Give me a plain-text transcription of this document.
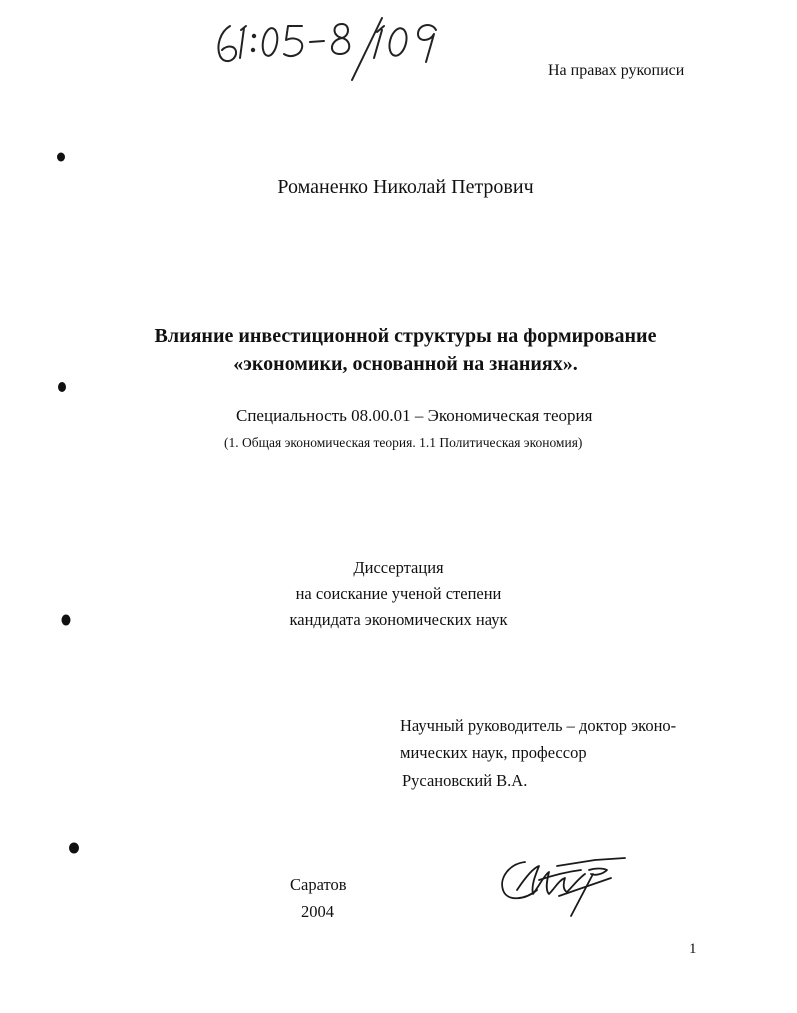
На правах рукописи
Романенко Николай Петрович
Влияние инвестиционной структуры на формирование
«экономики, основанной на знаниях».
Специальность 08.00.01 – Экономическая теория
(1. Общая экономическая теория. 1.1 Политическая экономия)
Диссертация
на соискание ученой степени
кандидата экономических наук
Научный руководитель – доктор эконо-
мических наук, профессор
Русановский В.А.
Саратов
2004
1
